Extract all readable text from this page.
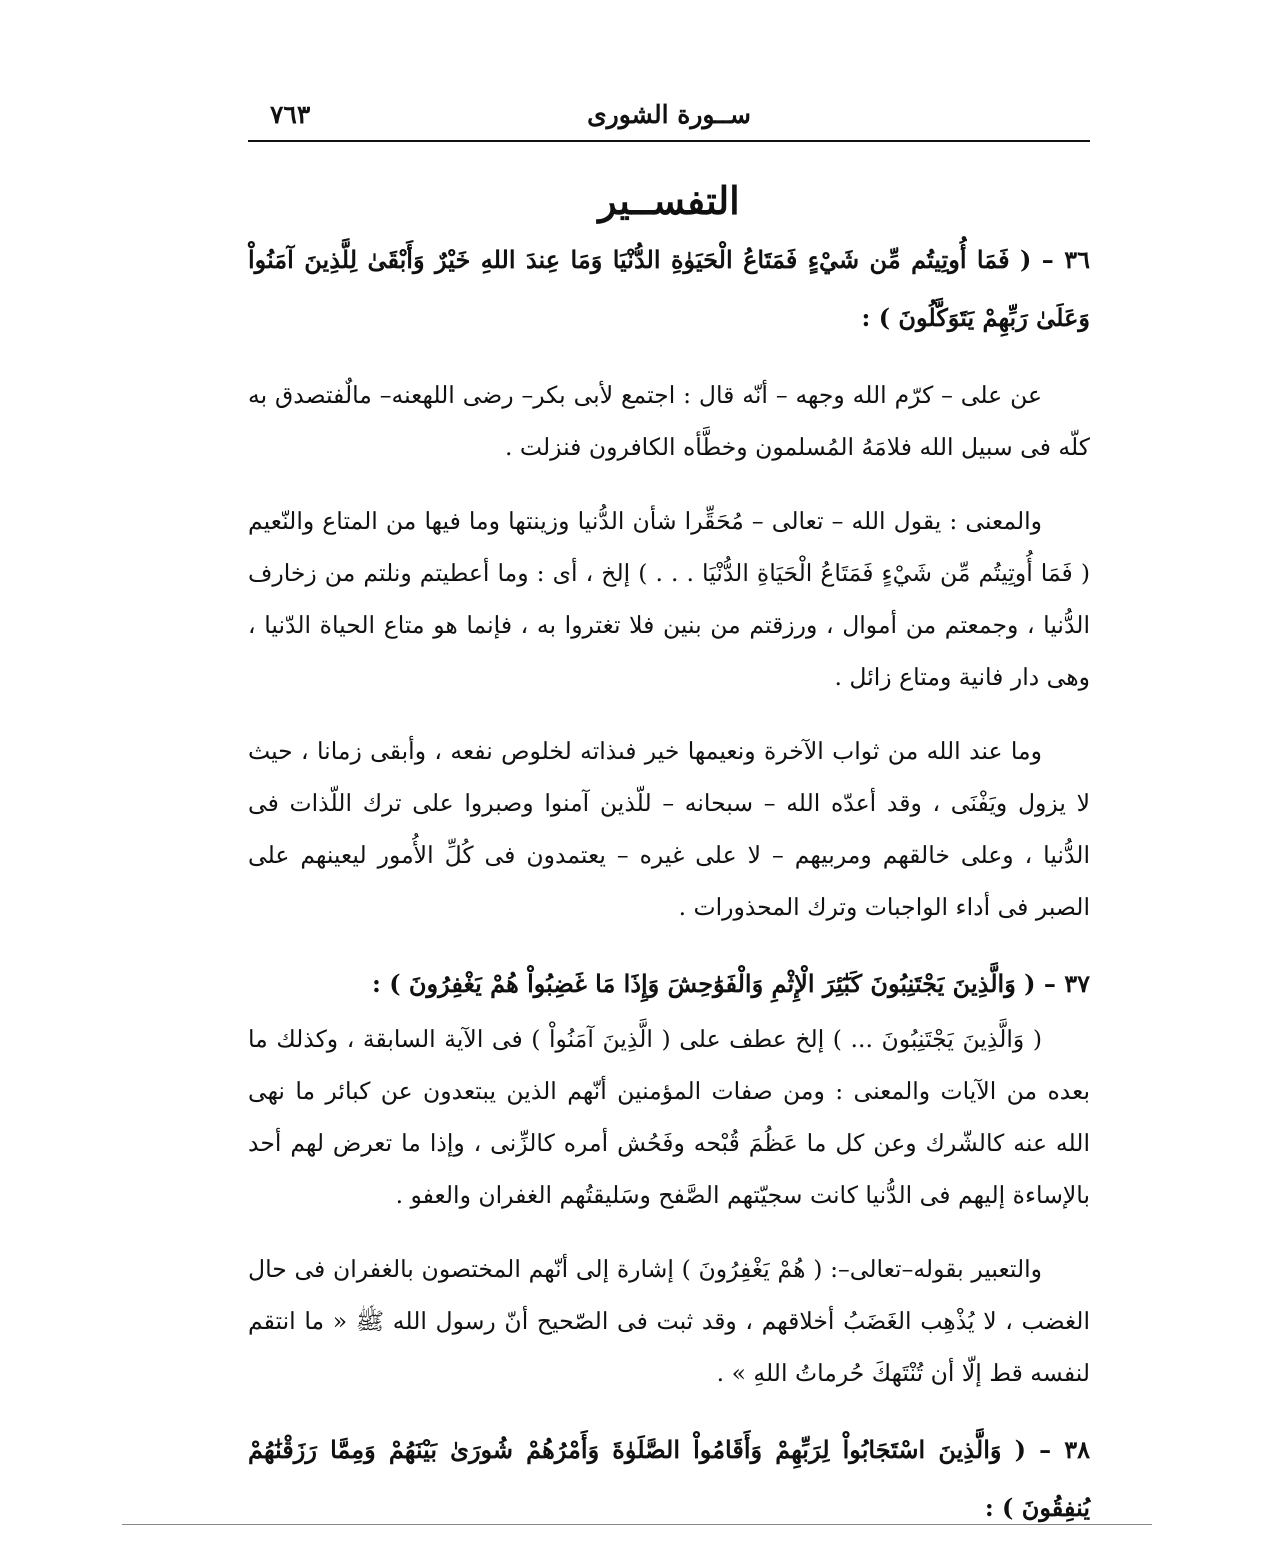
ســورة الشورى
٧٦٣
التفســير

٣٦ – ( فَمَا أُوتِيتُم مِّن شَيْءٍ فَمَتَاعُ الْحَيَوٰةِ الدُّنْيَا وَمَا عِندَ اللهِ خَيْرٌ وَأَبْقَىٰ لِلَّذِينَ آمَنُواْ وَعَلَىٰ رَبِّهِمْ يَتَوَكَّلُونَ ) :

عن على – كرّم الله وجهه – أنّه قال : اجتمع لأبى بكر– رضى اللهعنه– مالٌفتصدق به كلّه فى سبيل الله فلامَهُ المُسلمون وخطَّأه الكافرون فنزلت .

والمعنى : يقول الله – تعالى – مُحَقِّرا شأن الدُّنيا وزينتها وما فيها من المتاع والنّعيم ( فَمَا أُوتِيتُم مِّن شَيْءٍ فَمَتَاعُ الْحَيَاةِ الدُّنْيَا . . . ) إلخ ، أى : وما أعطيتم ونلتم من زخارف الدُّنيا ، وجمعتم من أموال ، ورزقتم من بنين فلا تغتروا به ، فإنما هو متاع الحياة الدّنيا ، وهى دار فانية ومتاع زائل .

وما عند الله من ثواب الآخرة ونعيمها خير فىذاته لخلوص نفعه ، وأبقى زمانا ، حيث لا يزول ويَفْنَى ، وقد أعدّه الله – سبحانه – للّذين آمنوا وصبروا على ترك اللّذات فى الدُّنيا ، وعلى خالقهم ومربيهم – لا على غيره – يعتمدون فى كُلِّ الأُمور ليعينهم على الصبر فى أداء الواجبات وترك المحذورات .

٣٧ – ( وَالَّذِينَ يَجْتَنِبُونَ كَبَٰٓئِرَ الْإِثْمِ وَالْفَوَٰحِشَ وَإِذَا مَا غَضِبُواْ هُمْ يَغْفِرُونَ ) :

( وَالَّذِينَ يَجْتَنِبُونَ ... ) إلخ عطف على ( الَّذِينَ آمَنُواْ ) فى الآية السابقة ، وكذلك ما بعده من الآيات والمعنى : ومن صفات المؤمنين أنّهم الذين يبتعدون عن كبائر ما نهى الله عنه كالشّرك وعن كل ما عَظُمَ قُبْحه وفَحُش أمره كالزِّنى ، وإذا ما تعرض لهم أحد بالإساءة إليهم فى الدُّنيا كانت سجيّتهم الصَّفح وسَليقتُهم الغفران والعفو .

والتعبير بقوله–تعالى–: ( هُمْ يَغْفِرُونَ ) إشارة إلى أنّهم المختصون بالغفران فى حال الغضب ، لا يُذْهِب الغَضَبُ أخلاقهم ، وقد ثبت فى الصّحيح أنّ رسول الله ﷺ « ما انتقم لنفسه قط إلّا أن تُنْتَهكَ حُرماتُ اللهِ » .

٣٨ – ( وَالَّذِينَ اسْتَجَابُواْ لِرَبِّهِمْ وَأَقَامُواْ الصَّلَوٰةَ وَأَمْرُهُمْ شُورَىٰ بَيْنَهُمْ وَمِمَّا رَزَقْنَٰهُمْ يُنفِقُونَ ) :
